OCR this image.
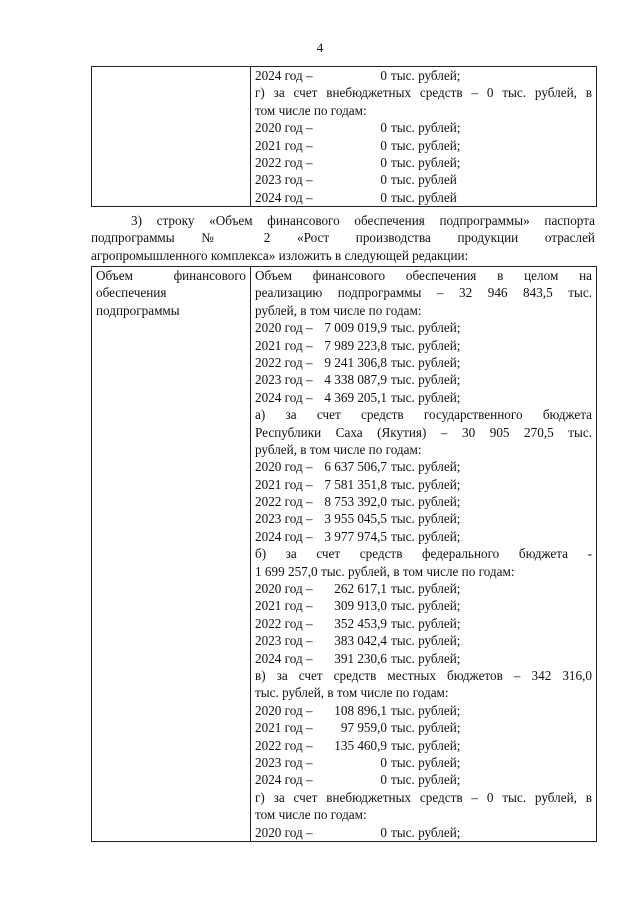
4

2024 год –	0 тыс. рублей;
г) за счет внебюджетных средств – 0 тыс. рублей, в
том числе по годам:
2020 год –	0 тыс. рублей;
2021 год –	0 тыс. рублей;
2022 год –	0 тыс. рублей;
2023 год –	0 тыс. рублей
2024 год –	0 тыс. рублей
3) строку «Объем финансового обеспечения подпрограммы» паспорта
подпрограммы № 2 «Рост производства продукции отраслей
агропромышленного комплекса» изложить в следующей редакции:
Объем финансового
обеспечения
подпрограммы

Объем финансового обеспечения в целом на
реализацию подпрограммы – 32 946 843,5 тыс.
рублей, в том числе по годам:
2020 год – 7 009 019,9 тыс. рублей;
2021 год – 7 989 223,8 тыс. рублей;
2022 год – 9 241 306,8 тыс. рублей;
2023 год – 4 338 087,9 тыс. рублей;
2024 год – 4 369 205,1 тыс. рублей;
а) за счет средств государственного бюджета
Республики Саха (Якутия) – 30 905 270,5 тыс.
рублей, в том числе по годам:
2020 год – 6 637 506,7 тыс. рублей;
2021 год – 7 581 351,8 тыс. рублей;
2022 год – 8 753 392,0 тыс. рублей;
2023 год – 3 955 045,5 тыс. рублей;
2024 год – 3 977 974,5 тыс. рублей;
б) за счет средств федерального бюджета -
1 699 257,0 тыс. рублей, в том числе по годам:
2020 год –	262 617,1 тыс. рублей;
2021 год –	309 913,0 тыс. рублей;
2022 год –	352 453,9 тыс. рублей;
2023 год –	383 042,4 тыс. рублей;
2024 год –	391 230,6 тыс. рублей;
в) за счет средств местных бюджетов – 342 316,0
тыс. рублей, в том числе по годам:
2020 год –	108 896,1 тыс. рублей;
2021 год –	97 959,0 тыс. рублей;
2022 год –	135 460,9 тыс. рублей;
2023 год –	0 тыс. рублей;
2024 год –	0 тыс. рублей;
г) за счет внебюджетных средств – 0 тыс. рублей, в
том числе по годам:
2020 год –	0 тыс. рублей;
